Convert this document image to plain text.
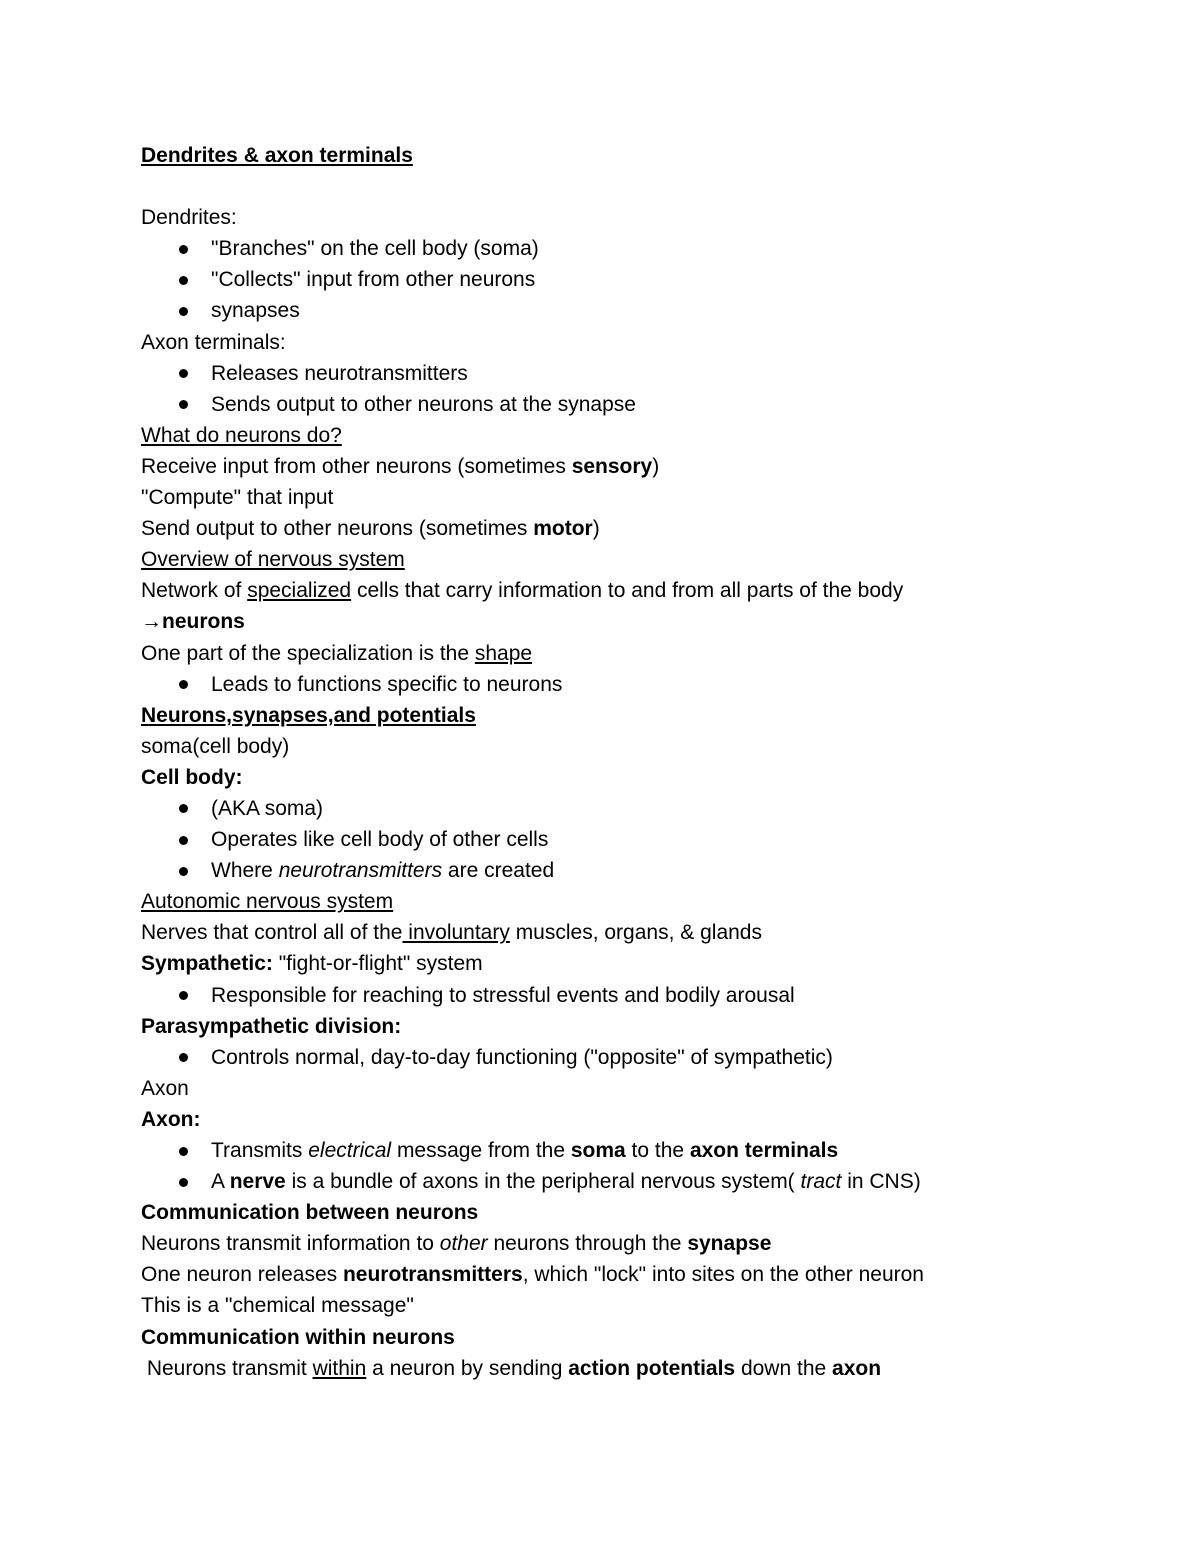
Dendrites & axon terminals
Dendrites:
"Branches" on the cell body (soma)
"Collects" input from other neurons
synapses
Axon terminals:
Releases neurotransmitters
Sends output to other neurons at the synapse
What do neurons do?
Receive input from other neurons (sometimes sensory)
"Compute" that input
Send output to other neurons (sometimes motor)
Overview of nervous system
Network of specialized cells that carry information to and from all parts of the body
→neurons
One part of the specialization is the shape
Leads to functions specific to neurons
Neurons,synapses,and potentials
soma(cell body)
Cell body:
(AKA soma)
Operates like cell body of other cells
Where neurotransmitters are created
Autonomic nervous system
Nerves that control all of the involuntary muscles, organs, & glands
Sympathetic: "fight-or-flight" system
Responsible for reaching to stressful events and bodily arousal
Parasympathetic division:
Controls normal, day-to-day functioning ("opposite" of sympathetic)
Axon
Axon:
Transmits electrical message from the soma to the axon terminals
A nerve is a bundle of axons in the peripheral nervous system( tract in CNS)
Communication between neurons
Neurons transmit information to other neurons through the synapse
One neuron releases neurotransmitters, which "lock" into sites on the other neuron
This is a "chemical message"
Communication within neurons
Neurons transmit within a neuron by sending action potentials down the axon
